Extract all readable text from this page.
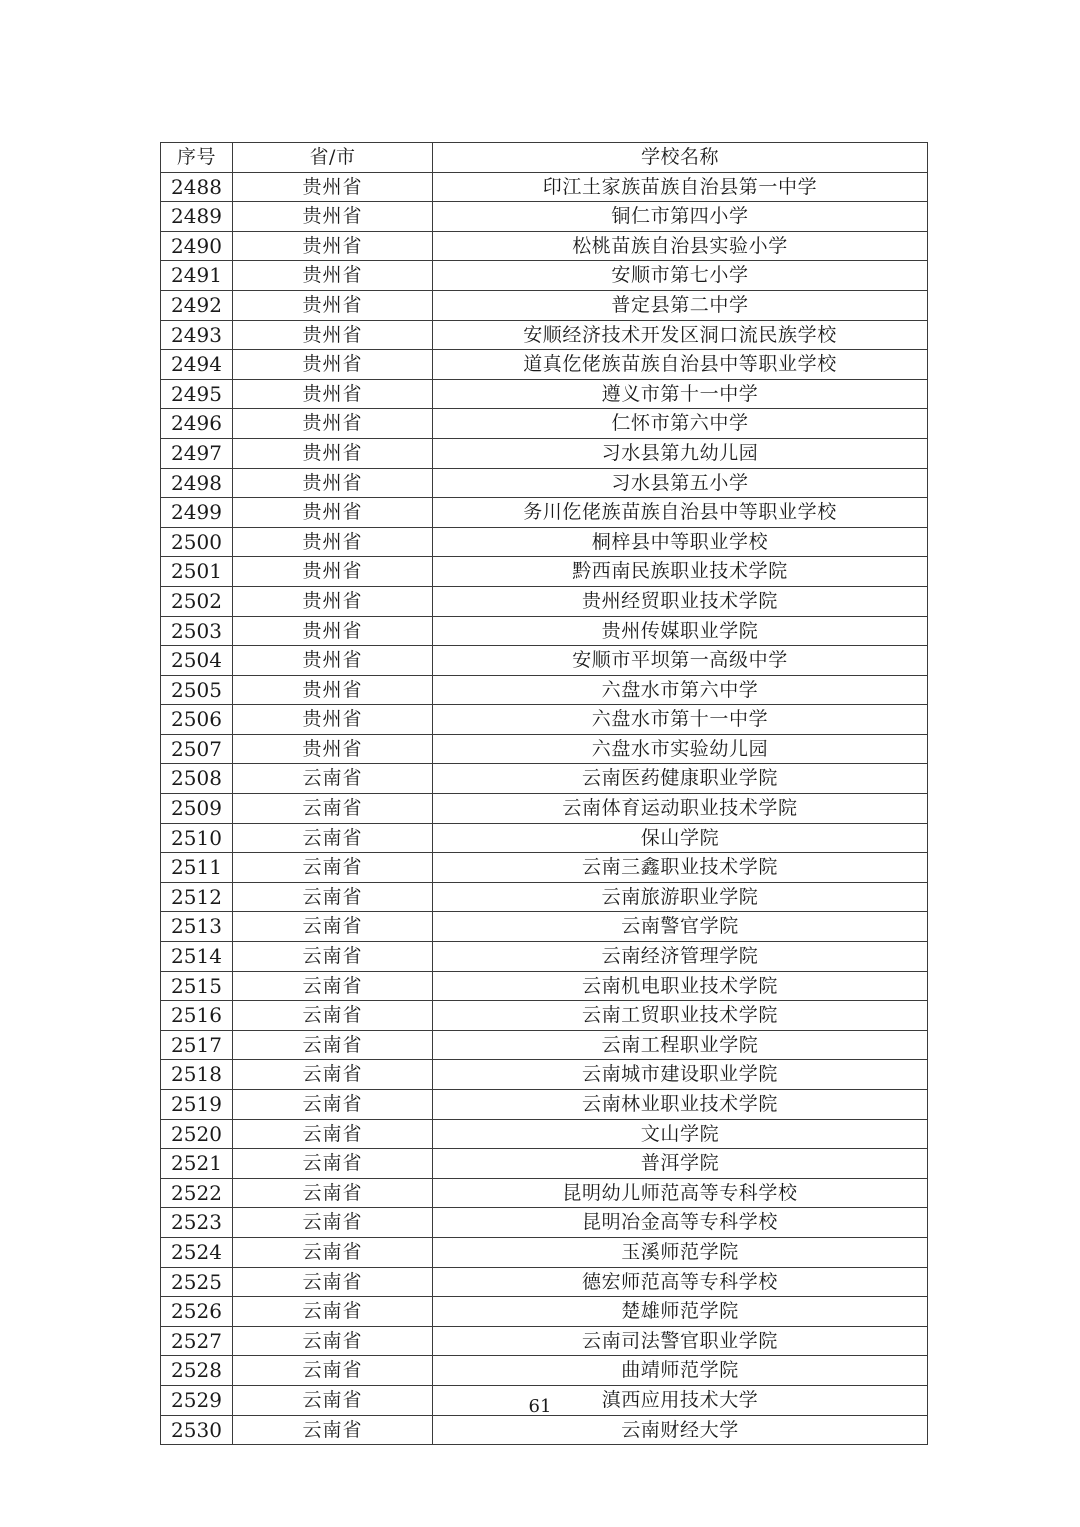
序号	省/市	学校名称
2488	贵州省	印江土家族苗族自治县第一中学
2489	贵州省	铜仁市第四小学
2490	贵州省	松桃苗族自治县实验小学
2491	贵州省	安顺市第七小学
2492	贵州省	普定县第二中学
2493	贵州省	安顺经济技术开发区洞口流民族学校
2494	贵州省	道真仡佬族苗族自治县中等职业学校
2495	贵州省	遵义市第十一中学
2496	贵州省	仁怀市第六中学
2497	贵州省	习水县第九幼儿园
2498	贵州省	习水县第五小学
2499	贵州省	务川仡佬族苗族自治县中等职业学校
2500	贵州省	桐梓县中等职业学校
2501	贵州省	黔西南民族职业技术学院
2502	贵州省	贵州经贸职业技术学院
2503	贵州省	贵州传媒职业学院
2504	贵州省	安顺市平坝第一高级中学
2505	贵州省	六盘水市第六中学
2506	贵州省	六盘水市第十一中学
2507	贵州省	六盘水市实验幼儿园
2508	云南省	云南医药健康职业学院
2509	云南省	云南体育运动职业技术学院
2510	云南省	保山学院
2511	云南省	云南三鑫职业技术学院
2512	云南省	云南旅游职业学院
2513	云南省	云南警官学院
2514	云南省	云南经济管理学院
2515	云南省	云南机电职业技术学院
2516	云南省	云南工贸职业技术学院
2517	云南省	云南工程职业学院
2518	云南省	云南城市建设职业学院
2519	云南省	云南林业职业技术学院
2520	云南省	文山学院
2521	云南省	普洱学院
2522	云南省	昆明幼儿师范高等专科学校
2523	云南省	昆明冶金高等专科学校
2524	云南省	玉溪师范学院
2525	云南省	德宏师范高等专科学校
2526	云南省	楚雄师范学院
2527	云南省	云南司法警官职业学院
2528	云南省	曲靖师范学院
2529	云南省	滇西应用技术大学
2530	云南省	云南财经大学
61
